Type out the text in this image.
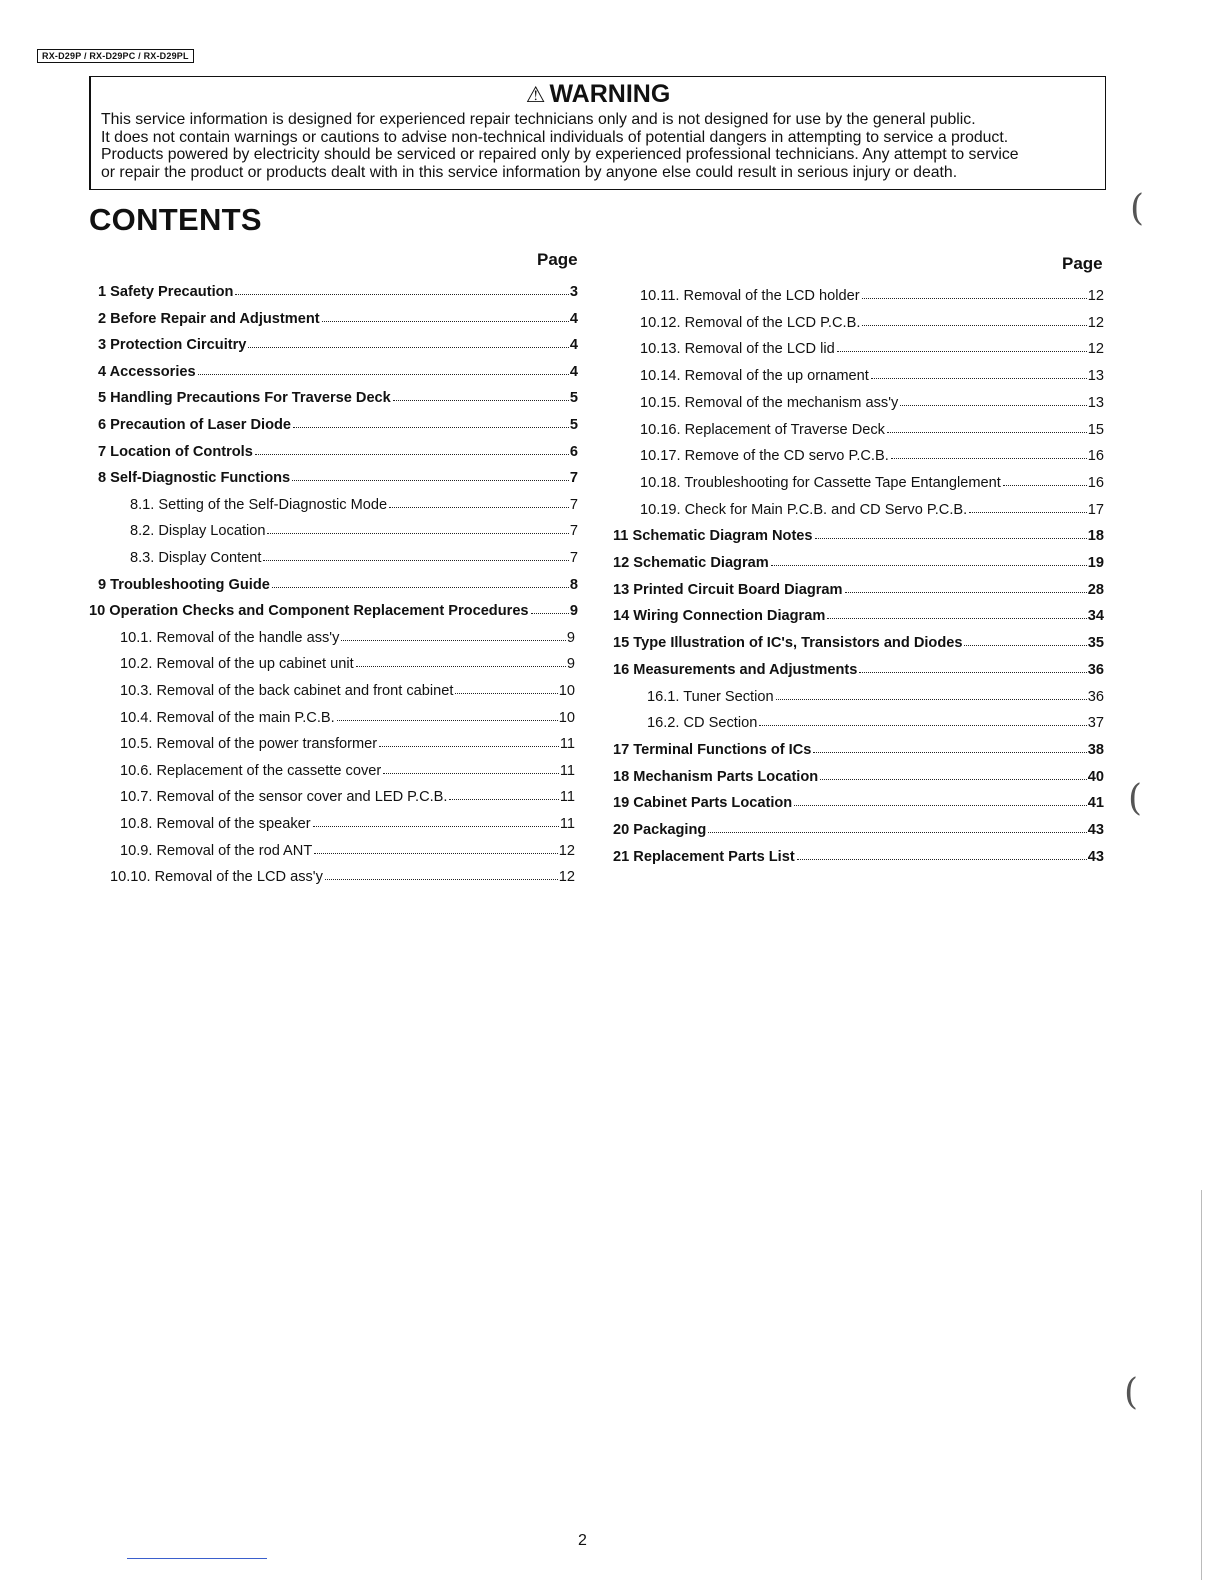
RX-D29P / RX-D29PC / RX-D29PL
⚠ WARNING
This service information is designed for experienced repair technicians only and is not designed for use by the general public.
It does not contain warnings or cautions to advise non-technical individuals of potential dangers in attempting to service a product.
Products powered by electricity should be serviced or repaired only by experienced professional technicians. Any attempt to service
or repair the product or products dealt with in this service information by anyone else could result in serious injury or death.
CONTENTS
Page	Page
1 Safety Precaution	3
2 Before Repair and Adjustment	4
3 Protection Circuitry	4
4 Accessories	4
5 Handling Precautions For Traverse Deck	5
6 Precaution of Laser Diode	5
7 Location of Controls	6
8 Self-Diagnostic Functions	7
8.1. Setting of the Self-Diagnostic Mode	7
8.2. Display Location	7
8.3. Display Content	7
9 Troubleshooting Guide	8
10 Operation Checks and Component Replacement Procedures	9
10.1. Removal of the handle ass'y	9
10.2. Removal of the up cabinet unit	9
10.3. Removal of the back cabinet and front cabinet	10
10.4. Removal of the main P.C.B.	10
10.5. Removal of the power transformer	11
10.6. Replacement of the cassette cover	11
10.7. Removal of the sensor cover and LED P.C.B.	11
10.8. Removal of the speaker	11
10.9. Removal of the rod ANT	12
10.10. Removal of the LCD ass'y	12
10.11. Removal of the LCD holder	12
10.12. Removal of the LCD P.C.B.	12
10.13. Removal of the LCD lid	12
10.14. Removal of the up ornament	13
10.15. Removal of the mechanism ass'y	13
10.16. Replacement of Traverse Deck	15
10.17. Remove of the CD servo P.C.B.	16
10.18. Troubleshooting for Cassette Tape Entanglement	16
10.19. Check for Main P.C.B. and CD Servo P.C.B.	17
11 Schematic Diagram Notes	18
12 Schematic Diagram	19
13 Printed Circuit Board Diagram	28
14 Wiring Connection Diagram	34
15 Type Illustration of IC's, Transistors and Diodes	35
16 Measurements and Adjustments	36
16.1. Tuner Section	36
16.2. CD Section	37
17 Terminal Functions of ICs	38
18 Mechanism Parts Location	40
19 Cabinet Parts Location	41
20 Packaging	43
21 Replacement Parts List	43
2
(
(
(
